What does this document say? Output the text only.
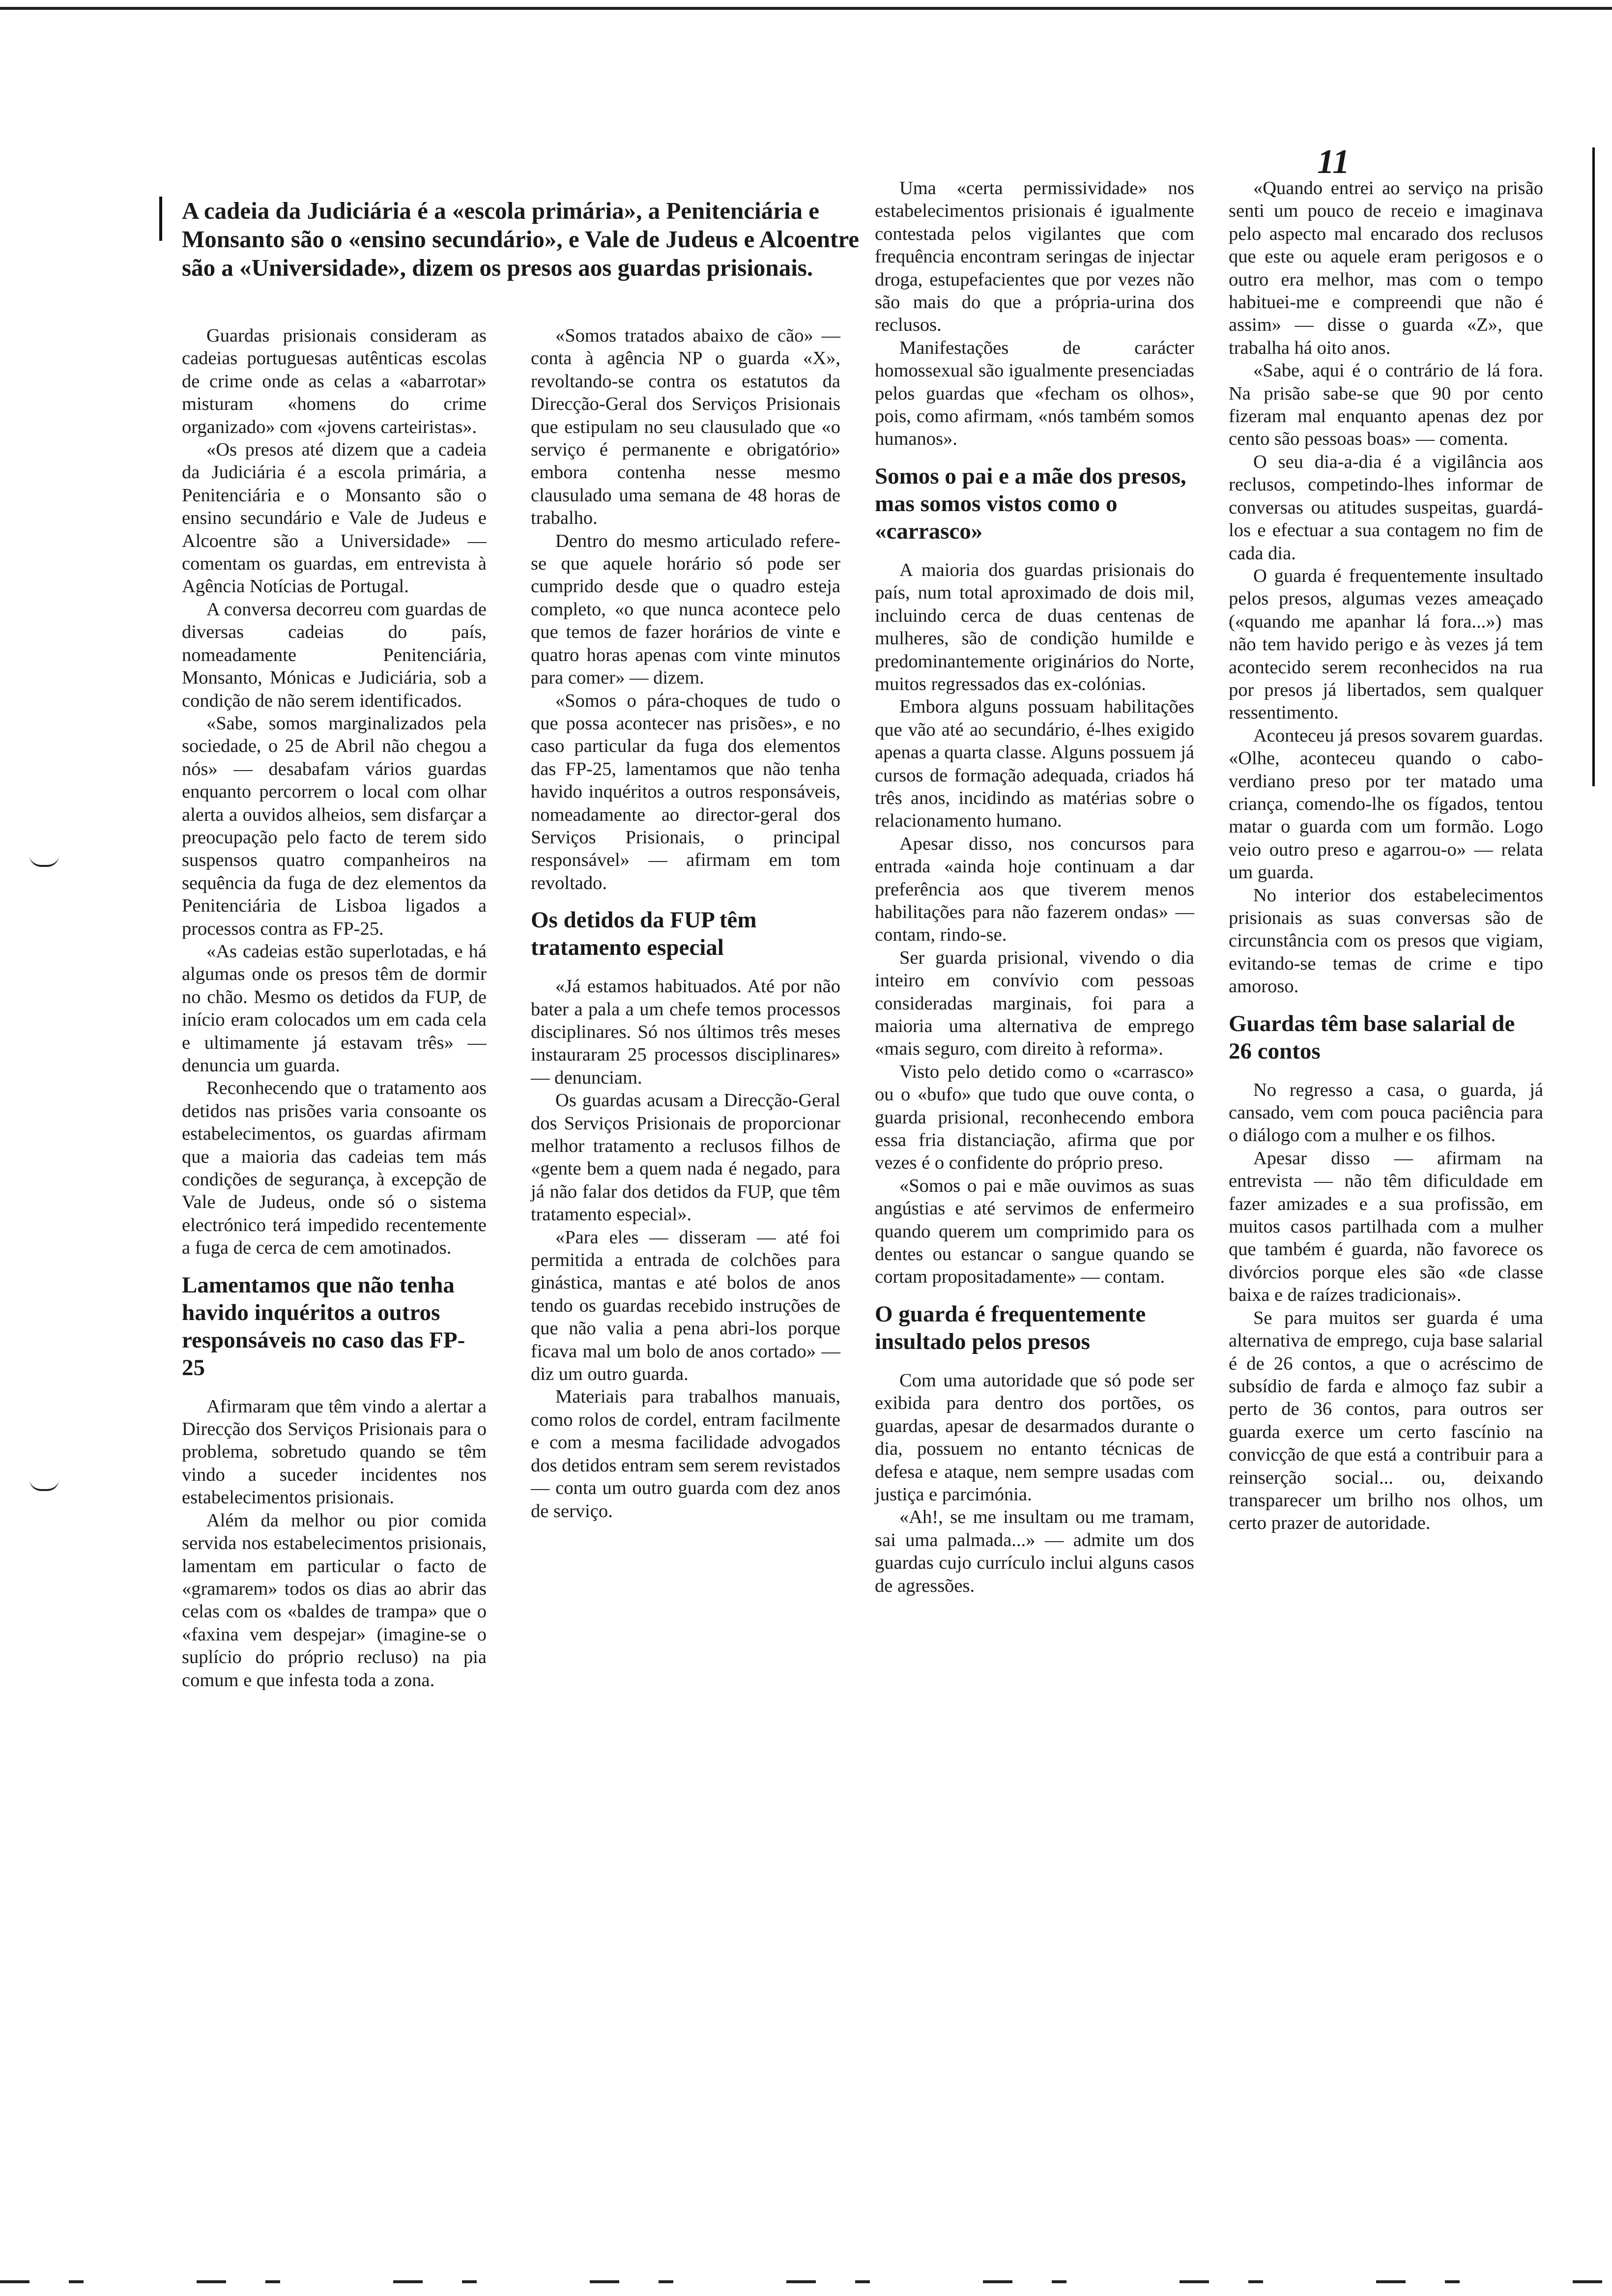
11
A cadeia da Judiciária é a «escola primária», a Penitenciária e Monsanto são o «ensino secundário», e Vale de Judeus e Alcoentre são a «Universidade», dizem os presos aos guardas prisionais.

Guardas prisionais consideram as cadeias portuguesas autênticas escolas de crime onde as celas a «abarrotar» misturam «homens do crime organizado» com «jovens carteiristas».

«Os presos até dizem que a cadeia da Judiciária é a escola primária, a Penitenciária e o Monsanto são o ensino secundário e Vale de Judeus e Alcoentre são a Universidade» — comentam os guardas, em entrevista à Agência Notícias de Portugal.

A conversa decorreu com guardas de diversas cadeias do país, nomeadamente Penitenciária, Monsanto, Mónicas e Judiciária, sob a condição de não serem identificados.

«Sabe, somos marginalizados pela sociedade, o 25 de Abril não chegou a nós» — desabafam vários guardas enquanto percorrem o local com olhar alerta a ouvidos alheios, sem disfarçar a preocupação pelo facto de terem sido suspensos quatro companheiros na sequência da fuga de dez elementos da Penitenciária de Lisboa ligados a processos contra as FP-25.

«As cadeias estão superlotadas, e há algumas onde os presos têm de dormir no chão. Mesmo os detidos da FUP, de início eram colocados um em cada cela e ultimamente já estavam três» — denuncia um guarda.

Reconhecendo que o tratamento aos detidos nas prisões varia consoante os estabelecimentos, os guardas afirmam que a maioria das cadeias tem más condições de segurança, à excepção de Vale de Judeus, onde só o sistema electrónico terá impedido recentemente a fuga de cerca de cem amotinados.

Lamentamos que não tenha havido inquéritos a outros responsáveis no caso das FP-25

Afirmaram que têm vindo a alertar a Direcção dos Serviços Prisionais para o problema, sobretudo quando se têm vindo a suceder incidentes nos estabelecimentos prisionais.

Além da melhor ou pior comida servida nos estabelecimentos prisionais, lamentam em particular o facto de «gramarem» todos os dias ao abrir das celas com os «baldes de trampa» que o «faxina vem despejar» (imagine-se o suplício do próprio recluso) na pia comum e que infesta toda a zona.

«Somos tratados abaixo de cão» — conta à agência NP o guarda «X», revoltando-se contra os estatutos da Direcção-Geral dos Serviços Prisionais que estipulam no seu clausulado que «o serviço é permanente e obrigatório» embora contenha nesse mesmo clausulado uma semana de 48 horas de trabalho.

Dentro do mesmo articulado refere-se que aquele horário só pode ser cumprido desde que o quadro esteja completo, «o que nunca acontece pelo que temos de fazer horários de vinte e quatro horas apenas com vinte minutos para comer» — dizem.

«Somos o pára-choques de tudo o que possa acontecer nas prisões», e no caso particular da fuga dos elementos das FP-25, lamentamos que não tenha havido inquéritos a outros responsáveis, nomeadamente ao director-geral dos Serviços Prisionais, o principal responsável» — afirmam em tom revoltado.

Os detidos da FUP têm tratamento especial

«Já estamos habituados. Até por não bater a pala a um chefe temos processos disciplinares. Só nos últimos três meses instauraram 25 processos disciplinares» — denunciam.

Os guardas acusam a Direcção-Geral dos Serviços Prisionais de proporcionar melhor tratamento a reclusos filhos de «gente bem a quem nada é negado, para já não falar dos detidos da FUP, que têm tratamento especial».

«Para eles — disseram — até foi permitida a entrada de colchões para ginástica, mantas e até bolos de anos tendo os guardas recebido instruções de que não valia a pena abri-los porque ficava mal um bolo de anos cortado» — diz um outro guarda.

Materiais para trabalhos manuais, como rolos de cordel, entram facilmente e com a mesma facilidade advogados dos detidos entram sem serem revistados — conta um outro guarda com dez anos de serviço.

Uma «certa permissividade» nos estabelecimentos prisionais é igualmente contestada pelos vigilantes que com frequência encontram seringas de injectar droga, estupefacientes que por vezes não são mais do que a própria-urina dos reclusos.

Manifestações de carácter homossexual são igualmente presenciadas pelos guardas que «fecham os olhos», pois, como afirmam, «nós também somos humanos».

Somos o pai e a mãe dos presos, mas somos vistos como o «carrasco»

A maioria dos guardas prisionais do país, num total aproximado de dois mil, incluindo cerca de duas centenas de mulheres, são de condição humilde e predominantemente originários do Norte, muitos regressados das ex-colónias.

Embora alguns possuam habilitações que vão até ao secundário, é-lhes exigido apenas a quarta classe. Alguns possuem já cursos de formação adequada, criados há três anos, incidindo as matérias sobre o relacionamento humano.

Apesar disso, nos concursos para entrada «ainda hoje continuam a dar preferência aos que tiverem menos habilitações para não fazerem ondas» — contam, rindo-se.

Ser guarda prisional, vivendo o dia inteiro em convívio com pessoas consideradas marginais, foi para a maioria uma alternativa de emprego «mais seguro, com direito à reforma».

Visto pelo detido como o «carrasco» ou o «bufo» que tudo que ouve conta, o guarda prisional, reconhecendo embora essa fria distanciação, afirma que por vezes é o confidente do próprio preso.

«Somos o pai e mãe ouvimos as suas angústias e até servimos de enfermeiro quando querem um comprimido para os dentes ou estancar o sangue quando se cortam propositadamente» — contam.

O guarda é frequentemente insultado pelos presos

Com uma autoridade que só pode ser exibida para dentro dos portões, os guardas, apesar de desarmados durante o dia, possuem no entanto técnicas de defesa e ataque, nem sempre usadas com justiça e parcimónia.

«Ah!, se me insultam ou me tramam, sai uma palmada...» — admite um dos guardas cujo currículo inclui alguns casos de agressões.

«Quando entrei ao serviço na prisão senti um pouco de receio e imaginava pelo aspecto mal encarado dos reclusos que este ou aquele eram perigosos e o outro era melhor, mas com o tempo habituei-me e compreendi que não é assim» — disse o guarda «Z», que trabalha há oito anos.

«Sabe, aqui é o contrário de lá fora. Na prisão sabe-se que 90 por cento fizeram mal enquanto apenas dez por cento são pessoas boas» — comenta.

O seu dia-a-dia é a vigilância aos reclusos, competindo-lhes informar de conversas ou atitudes suspeitas, guardá-los e efectuar a sua contagem no fim de cada dia.

O guarda é frequentemente insultado pelos presos, algumas vezes ameaçado («quando me apanhar lá fora...») mas não tem havido perigo e às vezes já tem acontecido serem reconhecidos na rua por presos já libertados, sem qualquer ressentimento.

Aconteceu já presos sovarem guardas. «Olhe, aconteceu quando o cabo-verdiano preso por ter matado uma criança, comendo-lhe os fígados, tentou matar o guarda com um formão. Logo veio outro preso e agarrou-o» — relata um guarda.

No interior dos estabelecimentos prisionais as suas conversas são de circunstância com os presos que vigiam, evitando-se temas de crime e tipo amoroso.

Guardas têm base salarial de 26 contos

No regresso a casa, o guarda, já cansado, vem com pouca paciência para o diálogo com a mulher e os filhos.

Apesar disso — afirmam na entrevista — não têm dificuldade em fazer amizades e a sua profissão, em muitos casos partilhada com a mulher que também é guarda, não favorece os divórcios porque eles são «de classe baixa e de raízes tradicionais».

Se para muitos ser guarda é uma alternativa de emprego, cuja base salarial é de 26 contos, a que o acréscimo de subsídio de farda e almoço faz subir a perto de 36 contos, para outros ser guarda exerce um certo fascínio na convicção de que está a contribuir para a reinserção social... ou, deixando transparecer um brilho nos olhos, um certo prazer de autoridade.
